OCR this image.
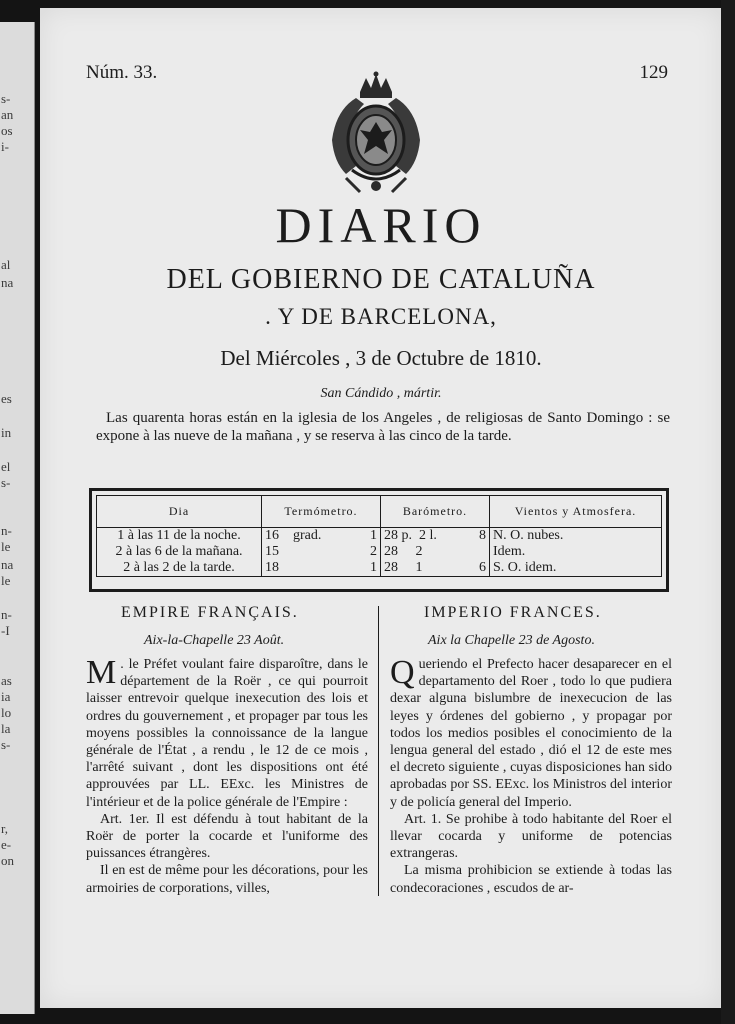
s-
an
os
i-
al
na
es
in
el
s-
n-
le
na
le
n-
-I
as
ia
lo
la
s-
r,
e-
on
Núm. 33.	129
DIARIO
DEL GOBIERNO DE CATALUÑA
. Y DE BARCELONA,
Del Miércoles , 3 de Octubre de 1810.
San Cándido , mártir.
Las quarenta horas están en la iglesia de los Angeles , de religiosas de Santo Domingo : se expone à las nueve de la mañana , y se reserva à las cinco de la tarde.
Dia	Termómetro.	Barómetro.	Vientos y Atmosfera.
1 à las 11 de la noche.	16 grad. 1	28 p. 2 l. 8	N. O. nubes.
2 à las 6 de la mañana.	15 2	28 2	Idem.
2 à las 2 de la tarde.	18 1	28 1 6	S. O. idem.
EMPIRE FRANÇAIS.
Aix-la-Chapelle 23 Août.
IMPERIO FRANCES.
Aix la Chapelle 23 de Agosto.

M . le Préfet voulant faire disparoître, dans le département de la Roër , ce qui pourroit laisser entrevoir quelque inexecution des lois et ordres du gouvernement , et propager par tous les moyens possibles la connoissance de la langue générale de l'État , a rendu , le 12 de ce mois , l'arrêté suivant , dont les dispositions ont été approuvées par LL. EExc. les Ministres de l'intérieur et de la police générale de l'Empire :

Art. 1er. Il est défendu à tout habitant de la Roër de porter la cocarde et l'uniforme des puissances étrangères.

Il en est de même pour les décorations, pour les armoiries de corporations, villes,

Queriendo el Prefecto hacer desaparecer en el departamento del Roer , todo lo que pudiera dexar alguna bislumbre de inexecucion de las leyes y órdenes del gobierno , y propagar por todos los medios posibles el conocimiento de la lengua general del estado , dió el 12 de este mes el decreto siguiente , cuyas disposiciones han sido aprobadas por SS. EExc. los Ministros del interior y de policía general del Imperio.

Art. 1. Se prohibe à todo habitante del Roer el llevar cocarda y uniforme de potencias extrangeras.

La misma prohibicion se extiende à todas las condecoraciones , escudos de ar-
